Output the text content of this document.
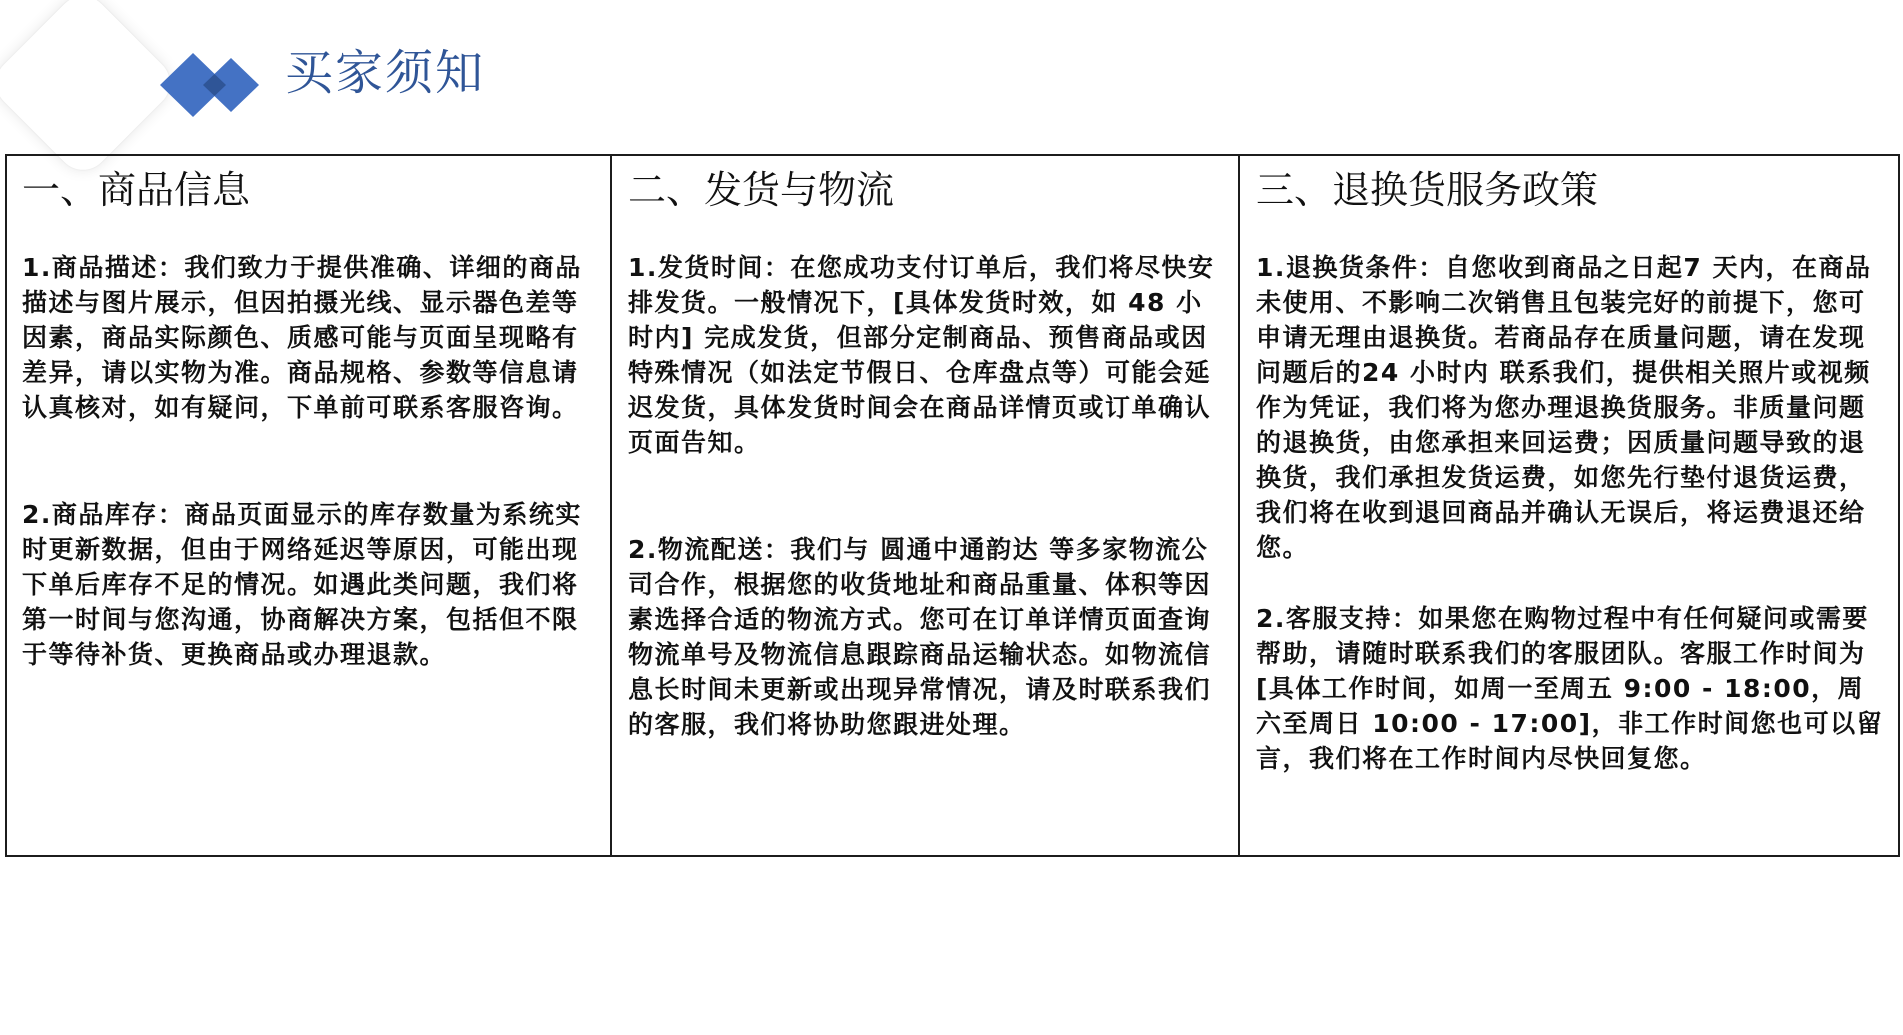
买家须知
一、商品信息

1.商品描述：我们致力于提供准确、详细的商品描述与图片展示，但因拍摄光线、显示器色差等因素，商品实际颜色、质感可能与页面呈现略有差异，请以实物为准。商品规格、参数等信息请认真核对，如有疑问，下单前可联系客服咨询。

2.商品库存：商品页面显示的库存数量为系统实时更新数据，但由于网络延迟等原因，可能出现下单后库存不足的情况。如遇此类问题，我们将第一时间与您沟通，协商解决方案，包括但不限于等待补货、更换商品或办理退款。

二、发货与物流

1.发货时间：在您成功支付订单后，我们将尽快安排发货。一般情况下，[具体发货时效，如 48 小时内] 完成发货，但部分定制商品、预售商品或因特殊情况（如法定节假日、仓库盘点等）可能会延迟发货，具体发货时间会在商品详情页或订单确认页面告知。

2.物流配送：我们与 圆通中通韵达 等多家物流公司合作，根据您的收货地址和商品重量、体积等因素选择合适的物流方式。您可在订单详情页面查询物流单号及物流信息跟踪商品运输状态。如物流信息长时间未更新或出现异常情况，请及时联系我们的客服，我们将协助您跟进处理。

三、退换货服务政策

1.退换货条件：自您收到商品之日起7 天内，在商品未使用、不影响二次销售且包装完好的前提下，您可申请无理由退换货。若商品存在质量问题，请在发现问题后的24 小时内 联系我们，提供相关照片或视频作为凭证，我们将为您办理退换货服务。非质量问题的退换货，由您承担来回运费；因质量问题导致的退换货，我们承担发货运费，如您先行垫付退货运费，我们将在收到退回商品并确认无误后，将运费退还给您。

2.客服支持：如果您在购物过程中有任何疑问或需要帮助，请随时联系我们的客服团队。客服工作时间为 [具体工作时间，如周一至周五 9:00 - 18:00，周六至周日 10:00 - 17:00]，非工作时间您也可以留言，我们将在工作时间内尽快回复您。
